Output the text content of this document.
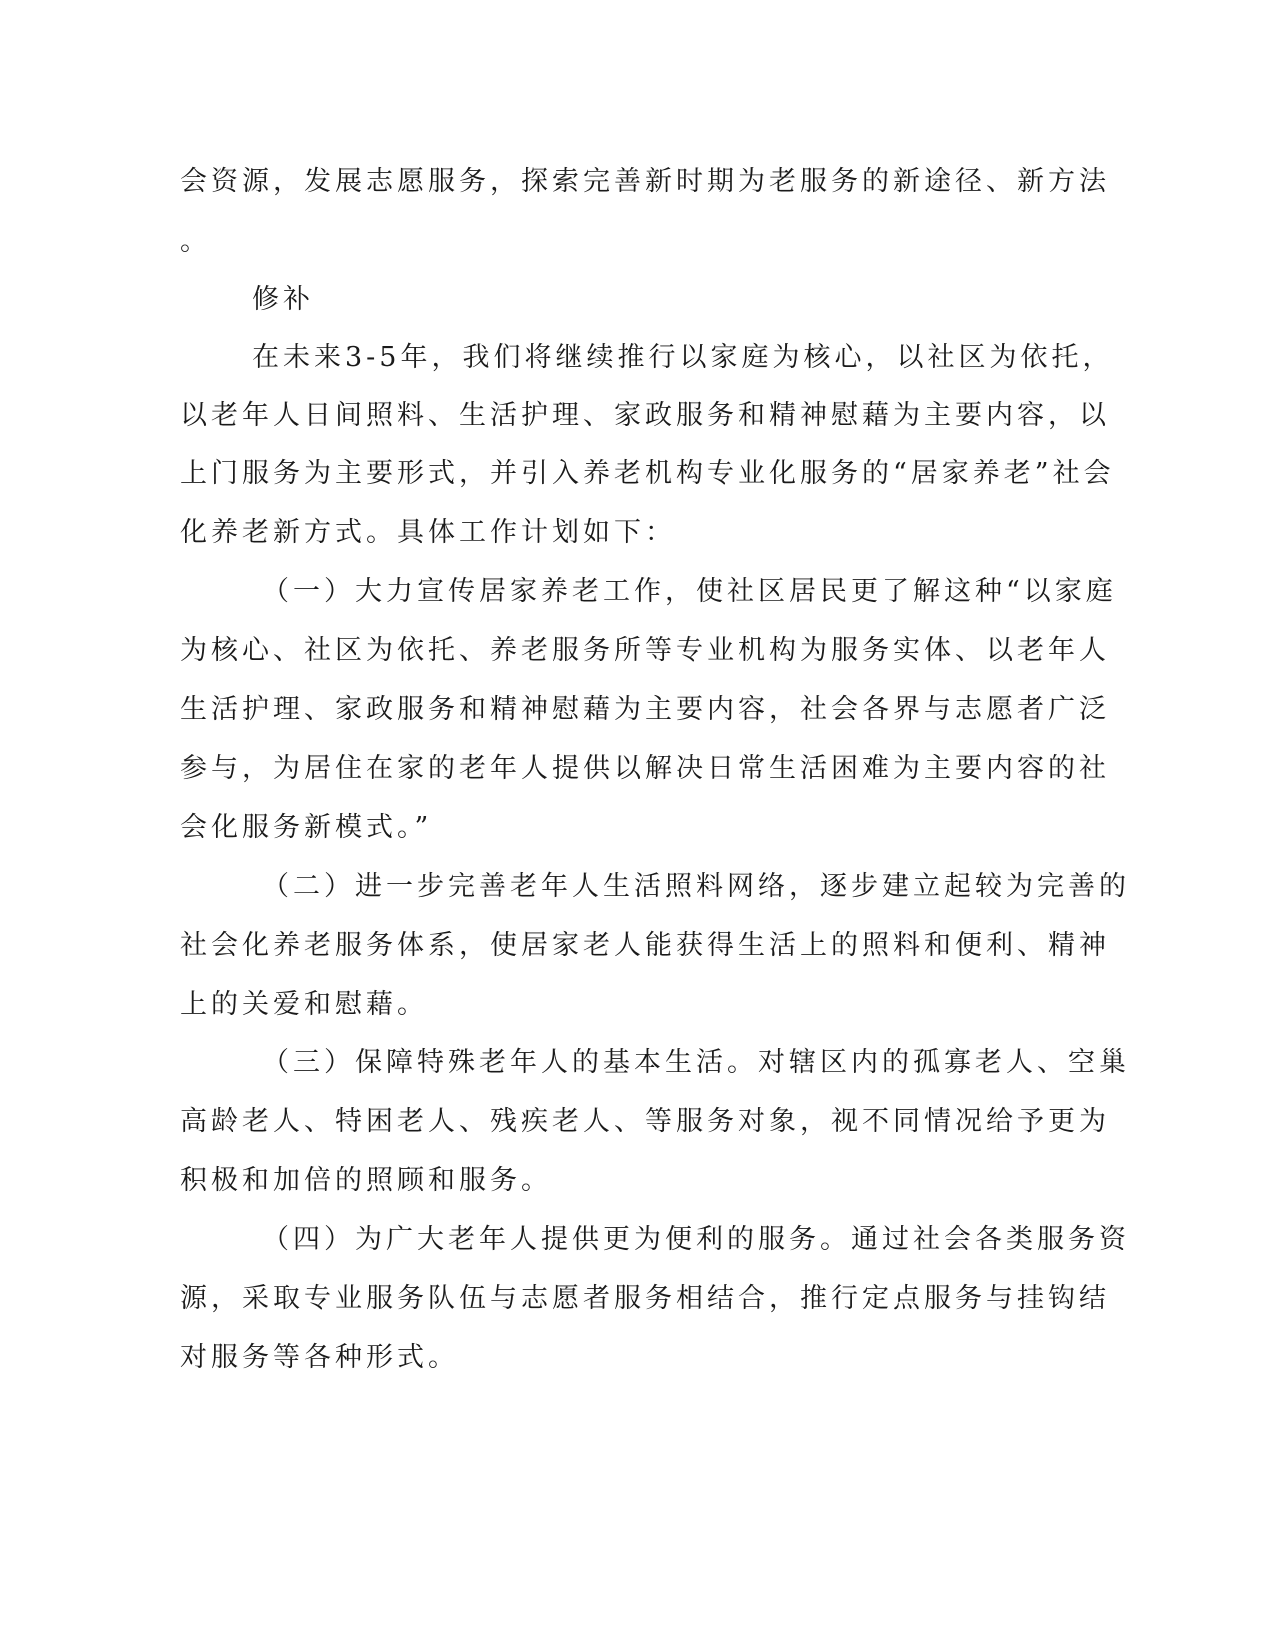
会资源，发展志愿服务，探索完善新时期为老服务的新途径、新方法

。

修补

在未来3-5年，我们将继续推行以家庭为核心，以社区为依托，

以老年人日间照料、生活护理、家政服务和精神慰藉为主要内容，以

上门服务为主要形式，并引入养老机构专业化服务的“居家养老”社会

化养老新方式。具体工作计划如下：

（一）大力宣传居家养老工作，使社区居民更了解这种“以家庭

为核心、社区为依托、养老服务所等专业机构为服务实体、以老年人

生活护理、家政服务和精神慰藉为主要内容，社会各界与志愿者广泛

参与，为居住在家的老年人提供以解决日常生活困难为主要内容的社

会化服务新模式。”

（二）进一步完善老年人生活照料网络，逐步建立起较为完善的

社会化养老服务体系，使居家老人能获得生活上的照料和便利、精神

上的关爱和慰藉。

（三）保障特殊老年人的基本生活。对辖区内的孤寡老人、空巢

高龄老人、特困老人、残疾老人、等服务对象，视不同情况给予更为

积极和加倍的照顾和服务。

（四）为广大老年人提供更为便利的服务。通过社会各类服务资

源，采取专业服务队伍与志愿者服务相结合，推行定点服务与挂钩结

对服务等各种形式。
